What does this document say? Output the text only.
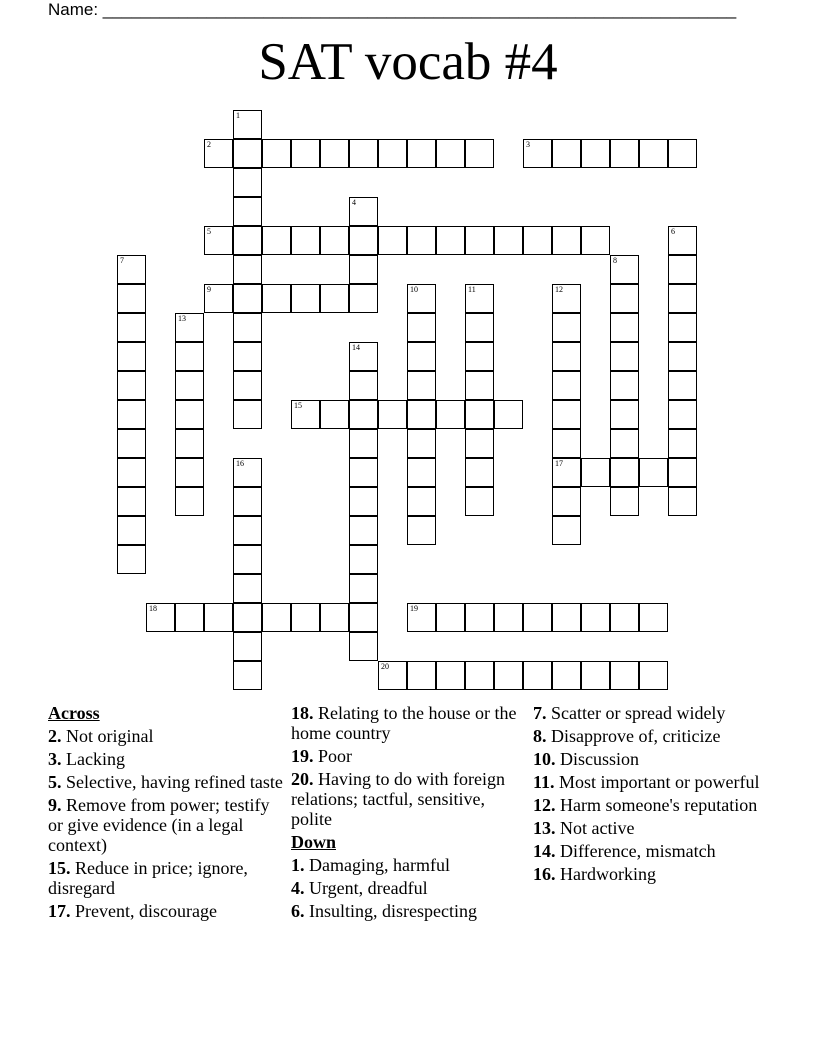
Name: ___________________________________________________________________
SAT vocab #4
2	3
5
9
15
17
18	19
20
1
4
6
7	8
10	11	12
13
14
16
Across
2. Not original
3. Lacking
5. Selective, having refined taste
9. Remove from power; testify or give evidence (in a legal context)
15. Reduce in price; ignore, disregard
17. Prevent, discourage
18. Relating to the house or the home country
19. Poor
20. Having to do with foreign relations; tactful, sensitive, polite
Down
1. Damaging, harmful
4. Urgent, dreadful
6. Insulting, disrespecting
7. Scatter or spread widely
8. Disapprove of, criticize
10. Discussion
11. Most important or powerful
12. Harm someone's reputation
13. Not active
14. Difference, mismatch
16. Hardworking
